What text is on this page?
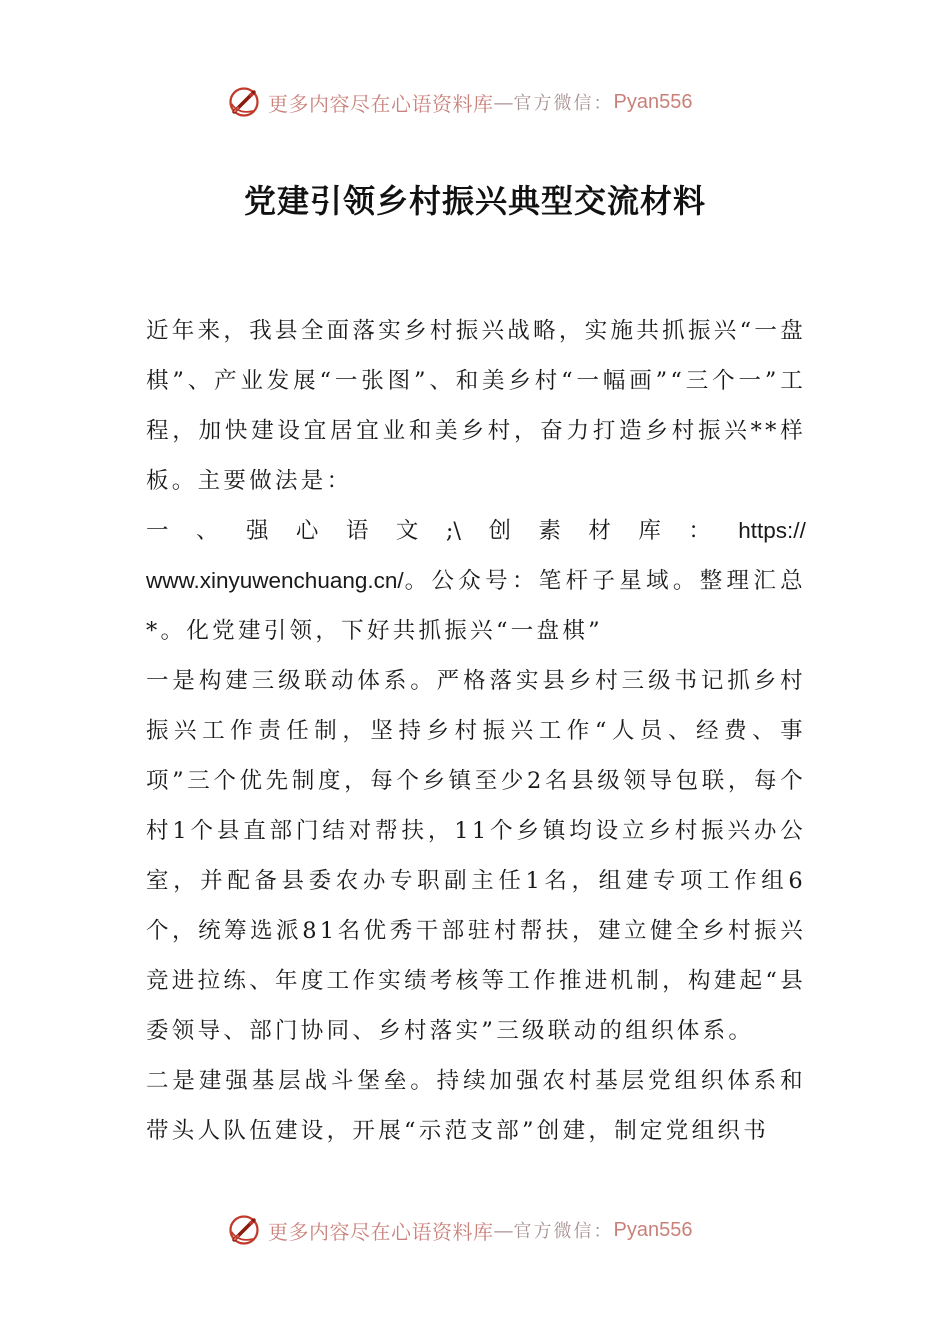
更多内容尽在心语资料库 — 官方微信： Pyan556
党建引领乡村振兴典型交流材料

近年来，我县全面落实乡村振兴战略，实施共抓振兴“一盘棋”、产业发展“一张图”、和美乡村“一幅画”“三个一”工程，加快建设宜居宜业和美乡村，奋力打造乡村振兴**样板。主要做法是：

一 、 强 心 语 文 ;\ 创 素 材 库 ： https://

www.xinyuwenchuang.cn/。公众号：笔杆子星域。整理汇总*。化党建引领，下好共抓振兴“一盘棋”

一是构建三级联动体系。严格落实县乡村三级书记抓乡村振兴工作责任制，坚持乡村振兴工作“人员、经费、事项”三个优先制度，每个乡镇至少2名县级领导包联，每个村1个县直部门结对帮扶，11个乡镇均设立乡村振兴办公室，并配备县委农办专职副主任1名，组建专项工作组6个，统筹选派81名优秀干部驻村帮扶，建立健全乡村振兴竞进拉练、年度工作实绩考核等工作推进机制，构建起“县委领导、部门协同、乡村落实”三级联动的组织体系。

二是建强基层战斗堡垒。持续加强农村基层党组织体系和带头人队伍建设，开展“示范支部”创建，制定党组织书

更多内容尽在心语资料库 — 官方微信： Pyan556
